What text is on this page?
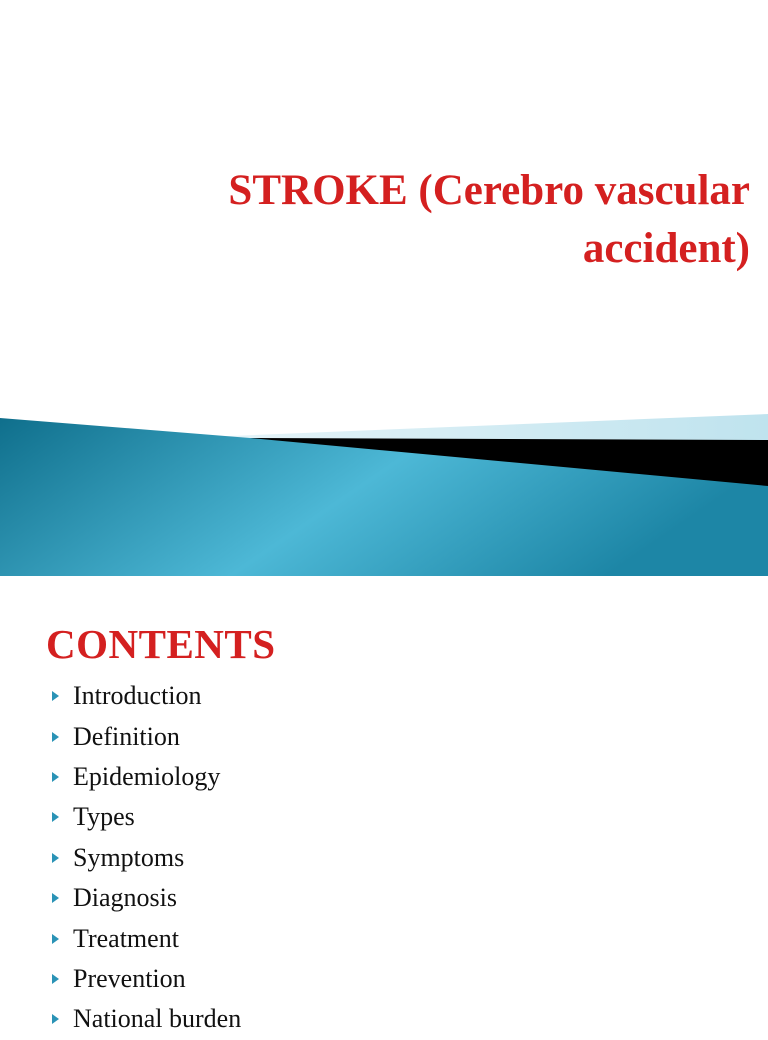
STROKE (Cerebro vascular
accident)
CONTENTS
Introduction
Definition
Epidemiology
Types
Symptoms
Diagnosis
Treatment
Prevention
National burden
